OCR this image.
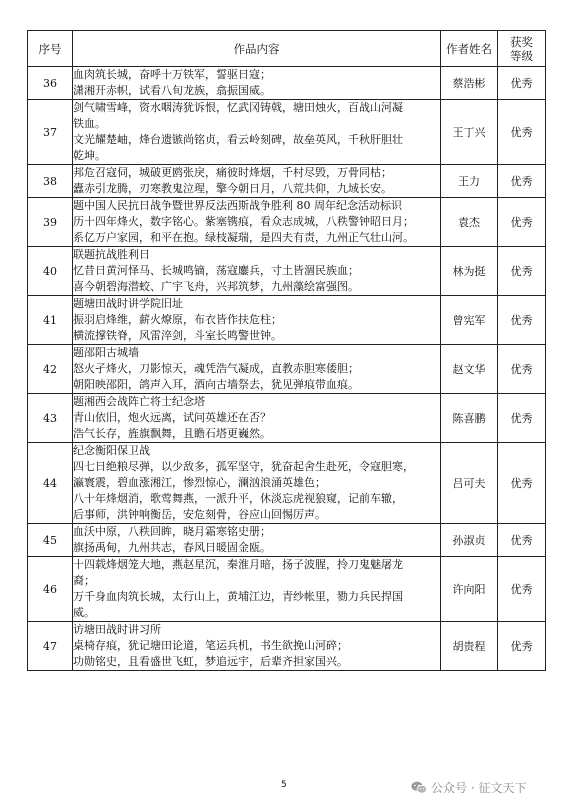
序号	作品内容	作者姓名	获奖
等级
36	血肉筑长城，奋呼十万铁军，誓驱日寇；
潇湘开赤帜，试看八旬龙族，翕振国威。	蔡浩彬	优秀
37	剑气啸雪峰，资水咽涛犹诉恨，忆武冈铸戟，塘田烛火，百战山河凝
铁血。
文光耀楚岫，烽台遗镞尚铭贞，看云岭刻碑，故垒英风，千秋肝胆壮
乾坤。	王丁兴	优秀
38	邦危召寇伺，城破更鸥张戾，痛彼时烽烟，千村尽毁，万骨同枯；
蠹赤引龙腾，刃寒教鬼泣瑆，擎今朝日月，八荒共仰，九域长安。	王力	优秀
39	题中国人民抗日战争暨世界反法西斯战争胜利 80 周年纪念活动标识
历十四年烽火，数字铭心。紫塞镌痕，看众志成城，八秩警钟昭日月；
系亿万户家园，和平在抱。绿枝凝瑞，是四夫有责，九州正气壮山河。	袁杰	优秀
40	联题抗战胜利日
忆昔日黄河怿马、长城鸣镝，荡寇鏖兵，寸土皆涸民族血；
喜今朝碧海潜蛟、广宇飞舟，兴邦筑梦，九州藻绘富强图。	林为挺	优秀
41	题塘田战时讲学院旧址
振羽启烽维，薪火燎原，布衣皆作扶危柱；
横流撑铁脊，风雷淬剑，斗室长鸣警世钟。	曾宪军	优秀
42	题邵阳古城墙
怒火孑烽火，刀影惊天，魂凭浩气凝成，直教赤胆寒倭胆；
朝阳映邵阳，鸽声入耳，酒向古墙祭去，犹见弹痕带血痕。	赵文华	优秀
43	题湘西会战阵亡将士纪念塔
青山依旧，炮火远离，试问英雄还在否？
浩气长存，旌旗飘舞，且瞻石塔更巍然。	陈喜鹏	优秀
44	纪念衡阳保卫战
四七日绝粮尽弹，以少敌多，孤军坚守，犹奋起舍生赴死，令寇胆寒，
瀛寰震，碧血涨湘江，惨烈惊心，澜汹浪涌英雄色；
八十年烽烟消，歌莺舞燕，一派升平，休淡忘虎视狼窥，记前车辙，
后事师，洪钟响衡岳，安危刻骨，谷应山回惕厉声。	吕可夫	优秀
45	血沃中原，八秩回眸，晓月霜寒铭史册；
旗扬禹甸，九州共志，春风日暖固金瓯。	孙淑贞	优秀
46	十四载烽烟笼大地，燕赵星沉，秦淮月暗，扬子波腥，拎刀鬼魅屠龙
裔；
万千身血肉筑长城，太行山上，黄埔江边，青纱帐里，勠力兵民捍国
威。	许向阳	优秀
47	访塘田战时讲习所
桌椅存痕，犹记塘田论道，笔运兵机，书生欲挽山河碎；
功勋铭史，且看盛世飞虹，梦追远宇，后辈齐担家国兴。	胡贵程	优秀
5	公众号 · 征文天下
